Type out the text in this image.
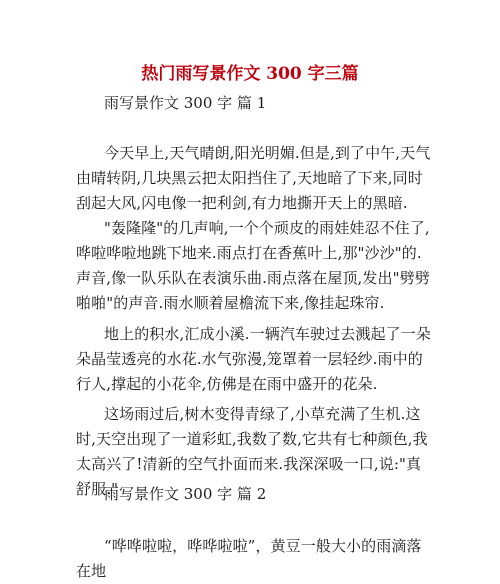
热门雨写景作文 300 字三篇
雨写景作文 300 字 篇 1
今天早上,天气晴朗,阳光明媚.但是,到了中午,天气由晴转阴,几块黑云把太阳挡住了,天地暗了下来,同时刮起大风,闪电像一把利剑,有力地撕开天上的黑暗.
"轰隆隆"的几声响,一个个顽皮的雨娃娃忍不住了,哗啦哗啦地跳下地来.雨点打在香蕉叶上,那"沙沙"的.声音,像一队乐队在表演乐曲.雨点落在屋顶,发出"劈劈啪啪"的声音.雨水顺着屋檐流下来,像挂起珠帘.
地上的积水,汇成小溪.一辆汽车驶过去溅起了一朵朵晶莹透亮的水花.水气弥漫,笼罩着一层轻纱.雨中的行人,撑起的小花伞,仿佛是在雨中盛开的花朵.
这场雨过后,树木变得青绿了,小草充满了生机.这时,天空出现了一道彩虹,我数了数,它共有七种颜色,我太高兴了!清新的空气扑面而来.我深深吸一口,说:"真舒服."
雨写景作文 300 字 篇 2
“哗哗啦啦，哗哗啦啦”，黄豆一般大小的雨滴落在地
